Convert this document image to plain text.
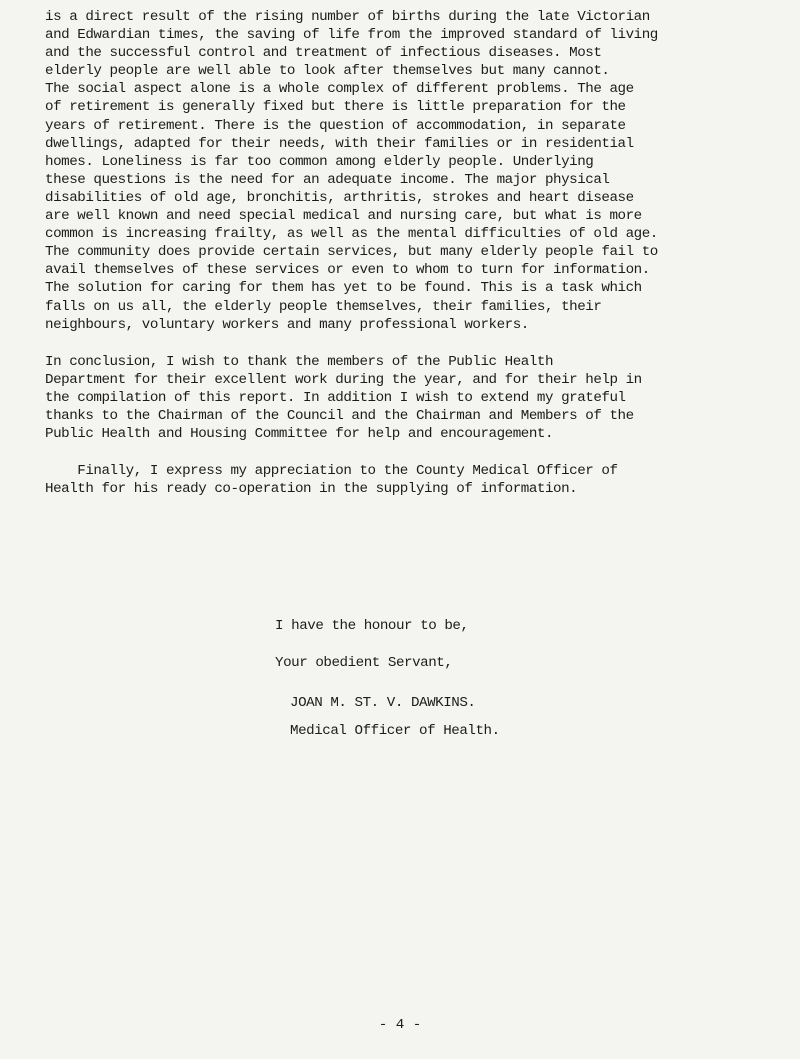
is a direct result of the rising number of births during the late Victorian
and Edwardian times, the saving of life from the improved standard of living
and the successful control and treatment of infectious diseases. Most
elderly people are well able to look after themselves but many cannot.
The social aspect alone is a whole complex of different problems. The age
of retirement is generally fixed but there is little preparation for the
years of retirement. There is the question of accommodation, in separate
dwellings, adapted for their needs, with their families or in residential
homes. Loneliness is far too common among elderly people. Underlying
these questions is the need for an adequate income. The major physical
disabilities of old age, bronchitis, arthritis, strokes and heart disease
are well known and need special medical and nursing care, but what is more
common is increasing frailty, as well as the mental difficulties of old age.
The community does provide certain services, but many elderly people fail to
avail themselves of these services or even to whom to turn for information.
The solution for caring for them has yet to be found. This is a task which
falls on us all, the elderly people themselves, their families, their
neighbours, voluntary workers and many professional workers.
In conclusion, I wish to thank the members of the Public Health
Department for their excellent work during the year, and for their help in
the compilation of this report. In addition I wish to extend my grateful
thanks to the Chairman of the Council and the Chairman and Members of the
Public Health and Housing Committee for help and encouragement.
Finally, I express my appreciation to the County Medical Officer of
Health for his ready co-operation in the supplying of information.
I have the honour to be,
Your obedient Servant,
JOAN M. ST. V. DAWKINS.
Medical Officer of Health.
- 4 -
